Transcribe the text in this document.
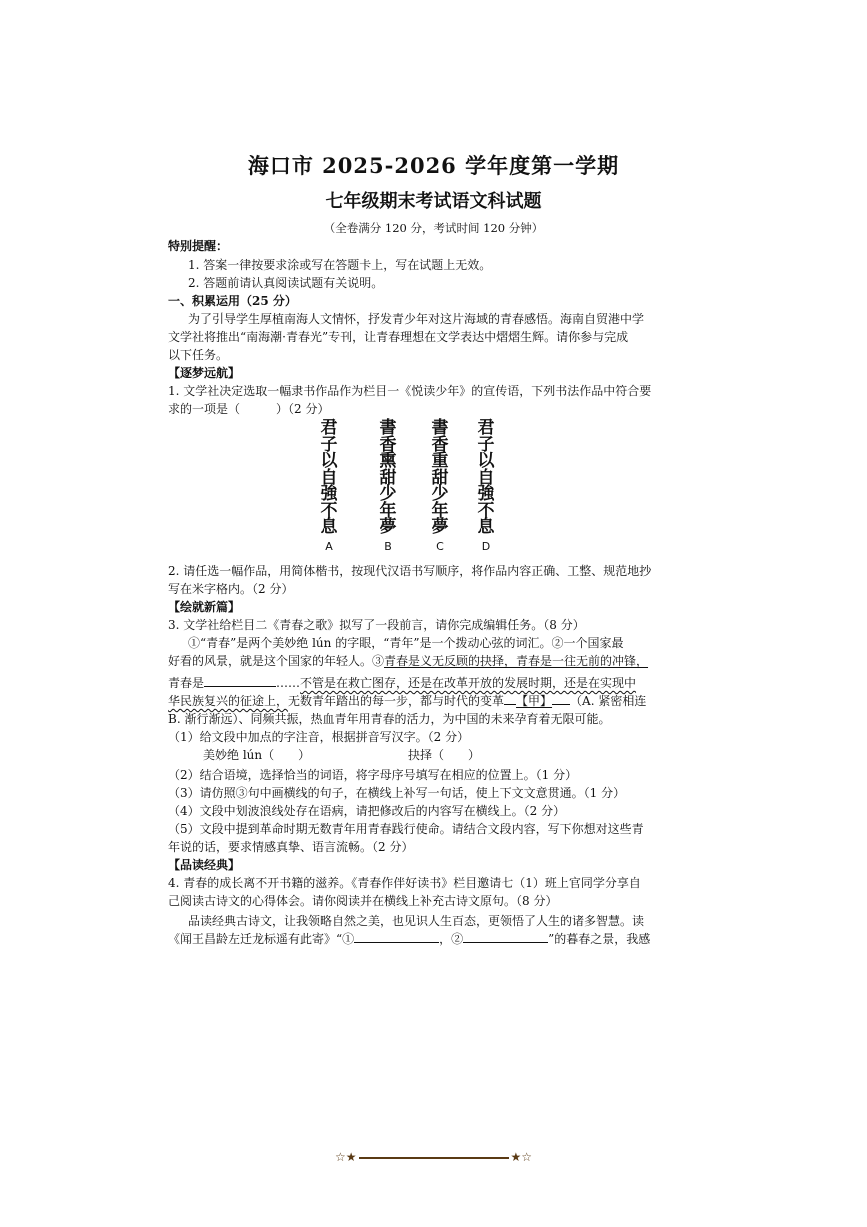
海口市 2025-2026 学年度第一学期
七年级期末考试语文科试题
（全卷满分 120 分，考试时间 120 分钟）
特别提醒：
1. 答案一律按要求涂或写在答题卡上，写在试题上无效。
2. 答题前请认真阅读试题有关说明。
一、积累运用（25 分）
为了引导学生厚植南海人文情怀，抒发青少年对这片海域的青春感悟。海南自贸港中学
文学社将推出“南海潮·青春光”专刊，让青春理想在文学表达中熠熠生辉。请你参与完成
以下任务。
【逐梦远航】
1. 文学社决定选取一幅隶书作品作为栏目一《悦读少年》的宣传语，下列书法作品中符合要
求的一项是（　　　）（2 分）
君
子
以
自
強
不
息
書
香
熏
甜
少
年
夢
書
香
重
甜
少
年
夢
君
子
以
自
強
不
息
A	B	C	D
2. 请任选一幅作品，用简体楷书，按现代汉语书写顺序，将作品内容正确、工整、规范地抄
写在米字格内。（2 分）
【绘就新篇】
3. 文学社给栏目二《青春之歌》拟写了一段前言，请你完成编辑任务。（8 分）
①“青春”是两个美妙绝 lún 的字眼，“青年”是一个拨动心弦的词汇。②一个国家最
好看的风景，就是这个国家的年轻人。③青春是义无反顾的抉择，青春是一往无前的冲锋，
青春是	……不管是在救亡图存，还是在改革开放的发展时期，还是在实现中
华民族复兴的征途上，无数青年踏出的每一步，都与时代的变革 【甲】 （A. 紧密相连
B. 渐行渐远）、同频共振，热血青年用青春的活力，为中国的未来孕育着无限可能。
（1）给文段中加点的字注音，根据拼音写汉字。（2 分）
美妙绝 lún（　　）	抉择（　　）
（2）结合语境，选择恰当的词语，将字母序号填写在相应的位置上。（1 分）
（3）请仿照③句中画横线的句子，在横线上补写一句话，使上下文文意贯通。（1 分）
（4）文段中划波浪线处存在语病，请把修改后的内容写在横线上。（2 分）
（5）文段中提到革命时期无数青年用青春践行使命。请结合文段内容，写下你想对这些青
年说的话，要求情感真挚、语言流畅。（2 分）
【品读经典】
4. 青春的成长离不开书籍的滋养。《青春作伴好读书》栏目邀请七（1）班上官同学分享自
己阅读古诗文的心得体会。请你阅读并在横线上补充古诗文原句。（8 分）
品读经典古诗文，让我领略自然之美，也见识人生百态，更领悟了人生的诸多智慧。读
《闻王昌龄左迁龙标遥有此寄》“①	，②	”的暮春之景，我感
☆★	★☆
